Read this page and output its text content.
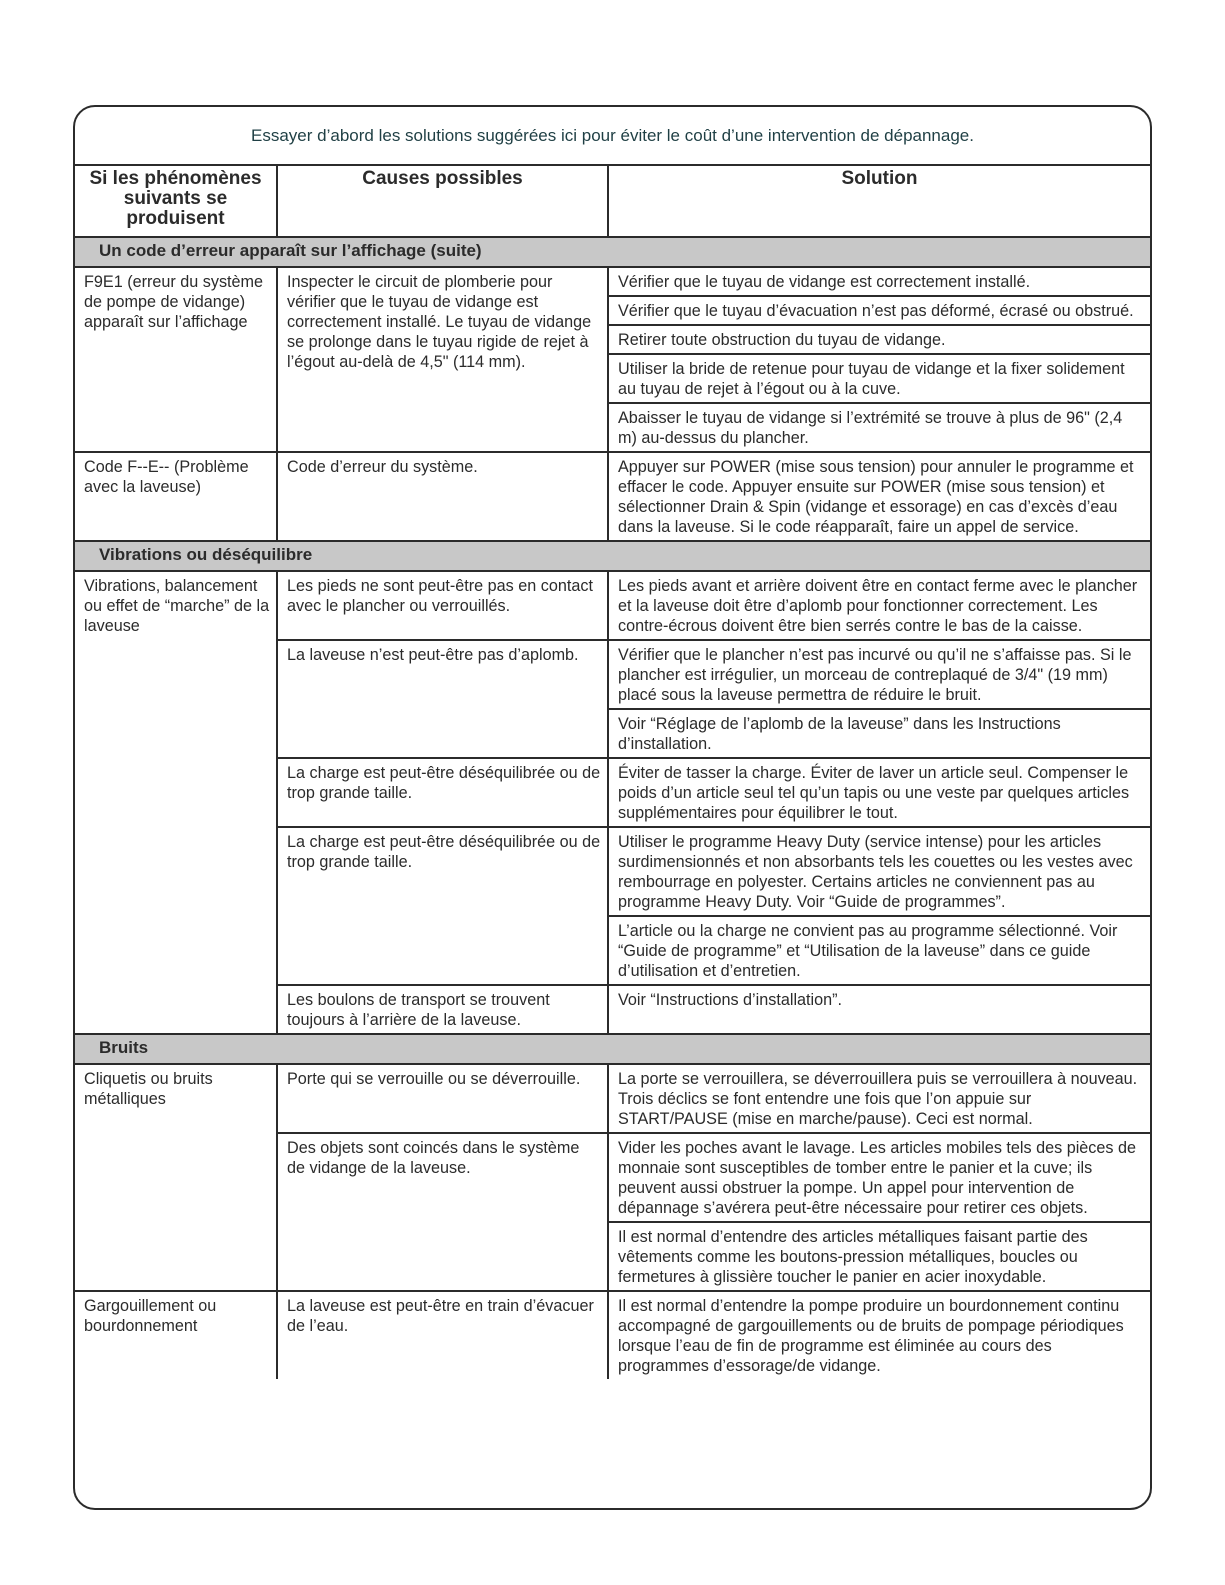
Essayer d’abord les solutions suggérées ici pour éviter le coût d’une intervention de dépannage.
Si les phénomènes suivants se produisent	Causes possibles	Solution
Un code d’erreur apparaît sur l’affichage (suite)		
F9E1 (erreur du système de pompe de vidange) apparaît sur l’affichage	Inspecter le circuit de plomberie pour vérifier que le tuyau de vidange est correctement installé. Le tuyau de vidange se prolonge dans le tuyau rigide de rejet à l’égout au-delà de 4,5" (114 mm).	Vérifier que le tuyau de vidange est correctement installé.
		Vérifier que le tuyau d’évacuation n’est pas déformé, écrasé ou obstrué.
		Retirer toute obstruction du tuyau de vidange.
		Utiliser la bride de retenue pour tuyau de vidange et la fixer solidement au tuyau de rejet à l’égout ou à la cuve.
		Abaisser le tuyau de vidange si l’extrémité se trouve à plus de 96" (2,4 m) au-dessus du plancher.
Code F--E-- (Problème avec la laveuse)	Code d’erreur du système.	Appuyer sur POWER (mise sous tension) pour annuler le programme et effacer le code. Appuyer ensuite sur POWER (mise sous tension) et sélectionner Drain & Spin (vidange et essorage) en cas d’excès d’eau dans la laveuse. Si le code réapparaît, faire un appel de service.
Vibrations ou déséquilibre		
Vibrations, balancement ou effet de “marche” de la laveuse	Les pieds ne sont peut-être pas en contact avec le plancher ou verrouillés.	Les pieds avant et arrière doivent être en contact ferme avec le plancher et la laveuse doit être d’aplomb pour fonctionner correctement. Les contre-écrous doivent être bien serrés contre le bas de la caisse.
	La laveuse n’est peut-être pas d’aplomb.	Vérifier que le plancher n’est pas incurvé ou qu’il ne s’affaisse pas. Si le plancher est irrégulier, un morceau de contreplaqué de 3/4" (19 mm) placé sous la laveuse permettra de réduire le bruit.
		Voir “Réglage de l’aplomb de la laveuse” dans les Instructions d’installation.
	La charge est peut-être déséquilibrée ou de trop grande taille.	Éviter de tasser la charge. Éviter de laver un article seul. Compenser le poids d’un article seul tel qu’un tapis ou une veste par quelques articles supplémentaires pour équilibrer le tout.
	La charge est peut-être déséquilibrée ou de trop grande taille.	Utiliser le programme Heavy Duty (service intense) pour les articles surdimensionnés et non absorbants tels les couettes ou les vestes avec rembourrage en polyester. Certains articles ne conviennent pas au programme Heavy Duty. Voir “Guide de programmes”.
		L’article ou la charge ne convient pas au programme sélectionné. Voir “Guide de programme” et “Utilisation de la laveuse” dans ce guide d’utilisation et d’entretien.
	Les boulons de transport se trouvent toujours à l’arrière de la laveuse.	Voir “Instructions d’installation”.
Bruits		
Cliquetis ou bruits métalliques	Porte qui se verrouille ou se déverrouille.	La porte se verrouillera, se déverrouillera puis se verrouillera à nouveau. Trois déclics se font entendre une fois que l’on appuie sur START/PAUSE (mise en marche/pause). Ceci est normal.
	Des objets sont coincés dans le système de vidange de la laveuse.	Vider les poches avant le lavage. Les articles mobiles tels des pièces de monnaie sont susceptibles de tomber entre le panier et la cuve; ils peuvent aussi obstruer la pompe. Un appel pour intervention de dépannage s’avérera peut-être nécessaire pour retirer ces objets.
		Il est normal d’entendre des articles métalliques faisant partie des vêtements comme les boutons-pression métalliques, boucles ou fermetures à glissière toucher le panier en acier inoxydable.
Gargouillement ou bourdonnement	La laveuse est peut-être en train d’évacuer de l’eau.	Il est normal d’entendre la pompe produire un bourdonnement continu accompagné de gargouillements ou de bruits de pompage périodiques lorsque l’eau de fin de programme est éliminée au cours des programmes d’essorage/de vidange.
